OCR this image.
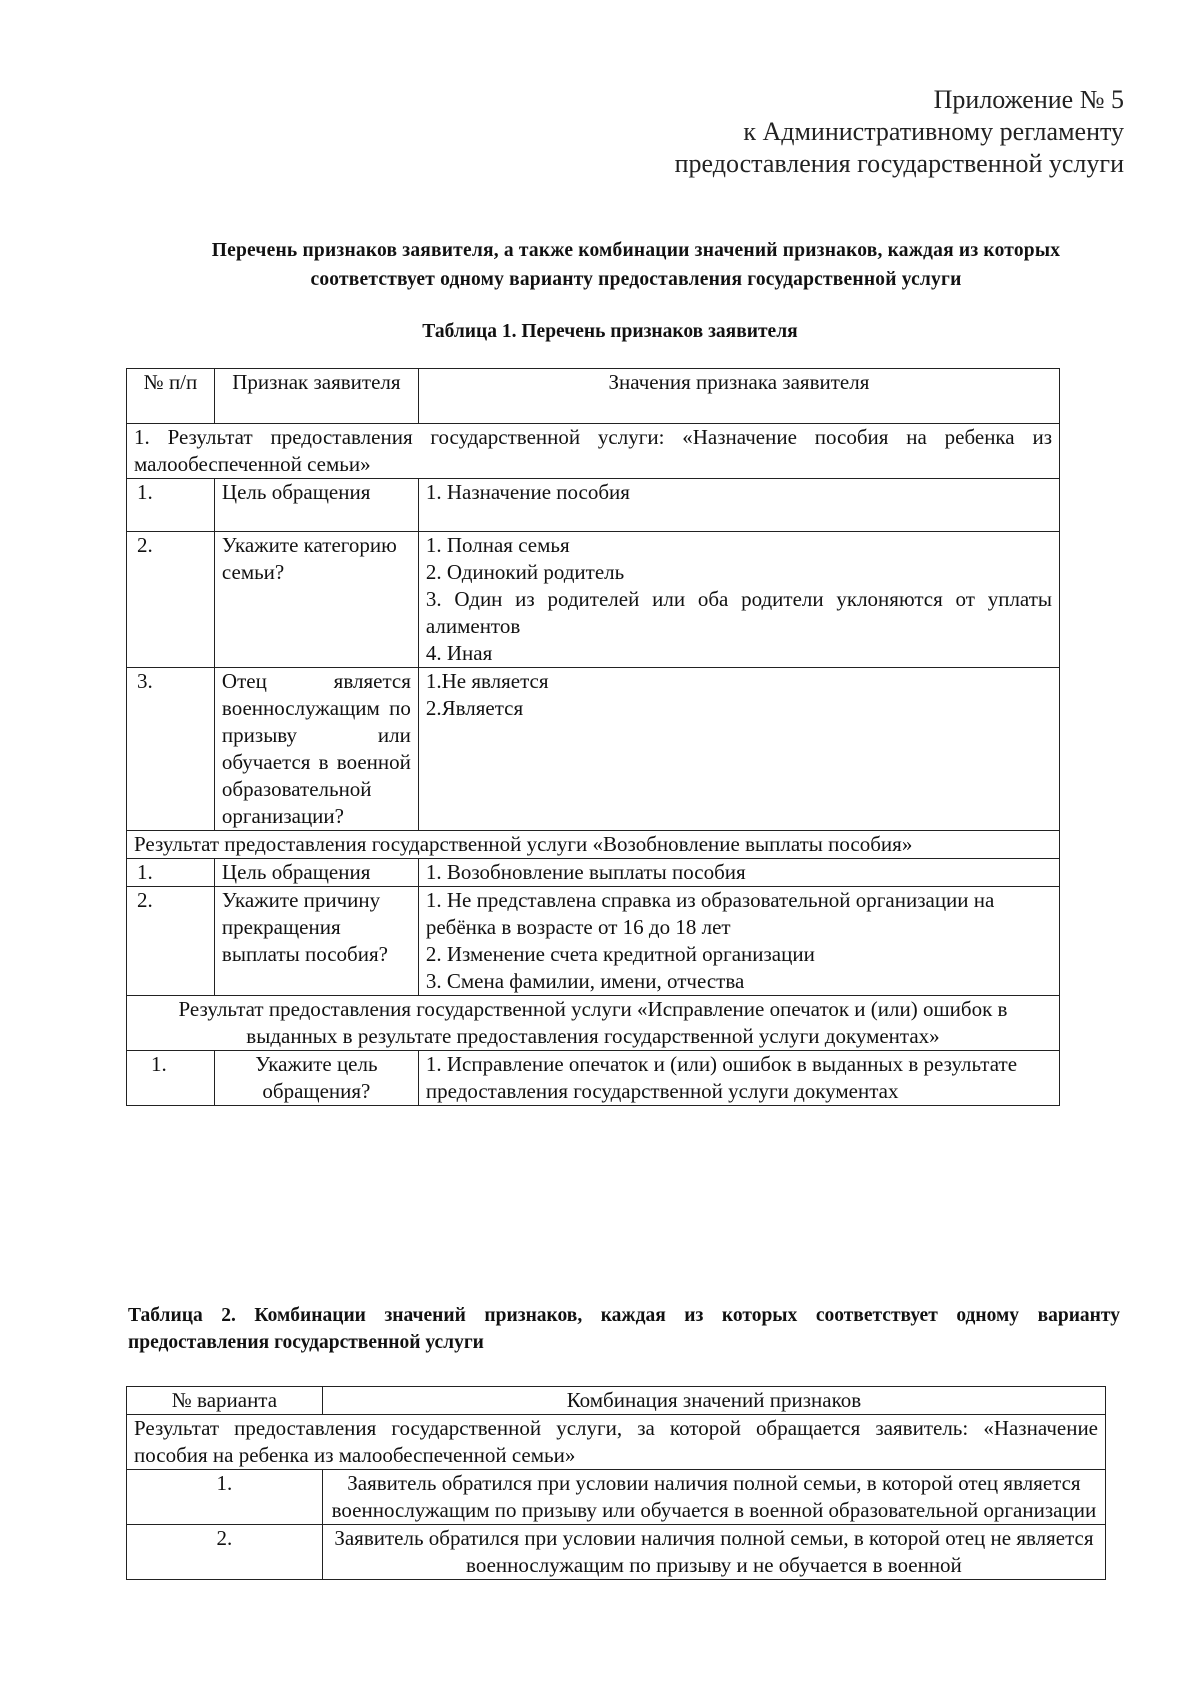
Приложение № 5
к Административному регламенту
предоставления государственной услуги
Перечень признаков заявителя, а также комбинации значений признаков, каждая из которых соответствует одному варианту предоставления государственной услуги
Таблица 1. Перечень признаков заявителя
№ п/п	Признак заявителя	Значения признака заявителя
1. Результат предоставления государственной услуги: «Назначение пособия на ребенка из малообеспеченной семьи»		
1.	Цель обращения	1. Назначение пособия

2.	Укажите категорию семьи?	1. Полная семья
2. Одинокий родитель
3. Один из родителей или оба родители уклоняются от уплаты алиментов
4. Иная

3.	Отец является военнослужащим по призыву или обучается в военной образовательной организации?	1.Не является
2.Является

Результат предоставления государственной услуги «Возобновление выплаты пособия»		
1.	Цель обращения	1. Возобновление выплаты пособия

2.	Укажите причину прекращения выплаты пособия?	1. Не представлена справка из образовательной организации на ребёнка в возрасте от 16 до 18 лет
2. Изменение счета кредитной организации
3. Смена фамилии, имени, отчества

Результат предоставления государственной услуги «Исправление опечаток и (или) ошибок в выданных в результате предоставления государственной услуги документах»		
1.	Укажите цель обращения?	1. Исправление опечаток и (или) ошибок в выданных в результате предоставления государственной услуги документах
Таблица 2. Комбинации значений признаков, каждая из которых соответствует одному варианту предоставления государственной услуги
№ варианта	Комбинация значений признаков
Результат предоставления государственной услуги, за которой обращается заявитель: «Назначение пособия на ребенка из малообеспеченной семьи»	
1.	Заявитель обратился при условии наличия полной семьи, в которой отец является военнослужащим по призыву или обучается в военной образовательной организации
2.	Заявитель обратился при условии наличия полной семьи, в которой отец не является военнослужащим по призыву и не обучается в военной
